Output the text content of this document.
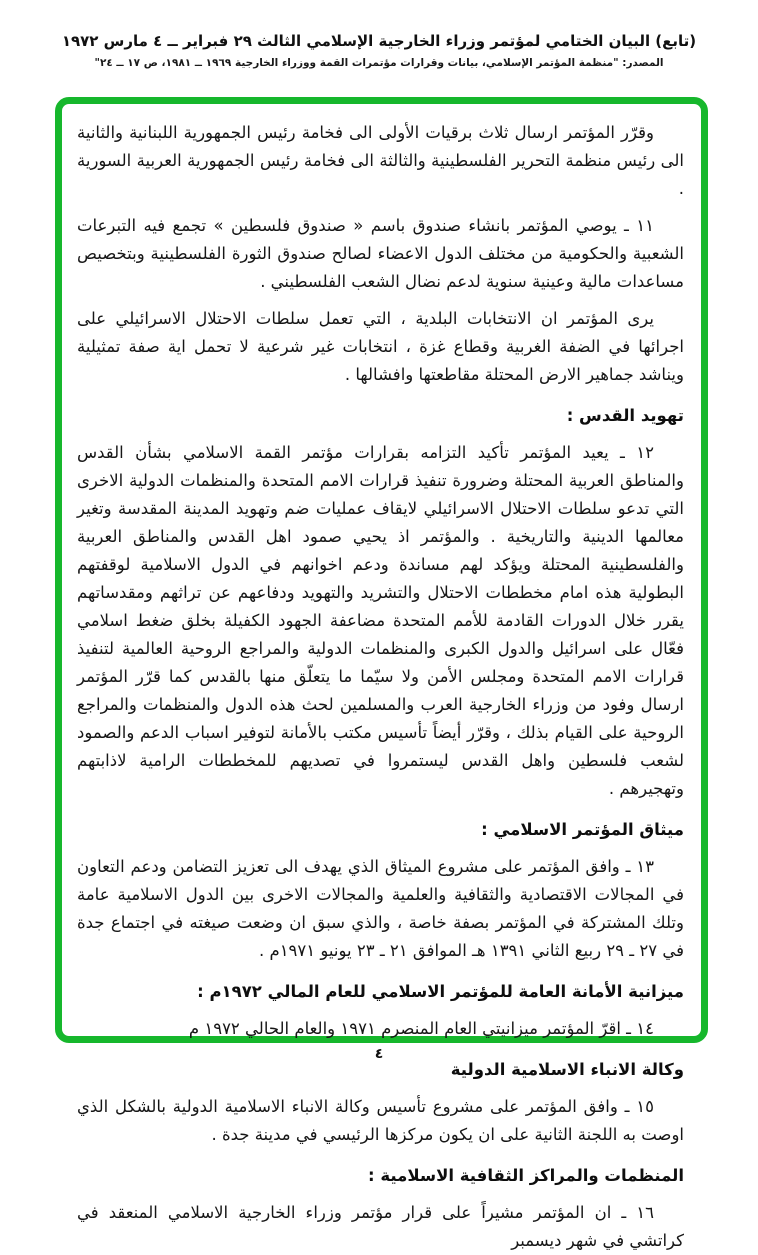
(تابع) البيان الختامي لمؤتمر وزراء الخارجية الإسلامي الثالث ٢٩ فبراير ــ ٤ مارس ١٩٧٢
المصدر: "منظمة المؤتمر الإسلامي، بيانات وقرارات مؤتمرات القمة ووزراء الخارجية ١٩٦٩ ــ ١٩٨١، ص ١٧ ــ ٢٤"
وقرّر المؤتمر ارسال ثلاث برقيات الأولى الى فخامة رئيس الجمهورية اللبنانية والثانية الى رئيس منظمة التحرير الفلسطينية والثالثة الى فخامة رئيس الجمهورية العربية السورية .
١١ ـ يوصي المؤتمر بانشاء صندوق باسم « صندوق فلسطين » تجمع فيه التبرعات الشعبية والحكومية من مختلف الدول الاعضاء لصالح صندوق الثورة الفلسطينية وبتخصيص مساعدات مالية وعينية سنوية لدعم نضال الشعب الفلسطيني .
يرى المؤتمر ان الانتخابات البلدية ، التي تعمل سلطات الاحتلال الاسرائيلي على اجرائها في الضفة الغربية وقطاع غزة ، انتخابات غير شرعية لا تحمل اية صفة تمثيلية ويناشد جماهير الارض المحتلة مقاطعتها وافشالها .
تهويد القدس :
١٢ ـ يعيد المؤتمر تأكيد التزامه بقرارات مؤتمر القمة الاسلامي بشأن القدس والمناطق العربية المحتلة وضرورة تنفيذ قرارات الامم المتحدة والمنظمات الدولية الاخرى التي تدعو سلطات الاحتلال الاسرائيلي لايقاف عمليات ضم وتهويد المدينة المقدسة وتغير معالمها الدينية والتاريخية . والمؤتمر اذ يحيي صمود اهل القدس والمناطق العربية والفلسطينية المحتلة ويؤكد لهم مساندة ودعم اخوانهم في الدول الاسلامية لوقفتهم البطولية هذه امام مخططات الاحتلال والتشريد والتهويد ودفاعهم عن تراثهم ومقدساتهم يقرر خلال الدورات القادمة للأمم المتحدة مضاعفة الجهود الكفيلة بخلق ضغط اسلامي فعّال على اسرائيل والدول الكبرى والمنظمات الدولية والمراجع الروحية العالمية لتنفيذ قرارات الامم المتحدة ومجلس الأمن ولا سيّما ما يتعلّق منها بالقدس كما قرّر المؤتمر ارسال وفود من وزراء الخارجية العرب والمسلمين لحث هذه الدول والمنظمات والمراجع الروحية على القيام بذلك ، وقرّر أيضاً تأسيس مكتب بالأمانة لتوفير اسباب الدعم والصمود لشعب فلسطين واهل القدس ليستمروا في تصديهم للمخططات الرامية لاذابتهم وتهجيرهم .
ميثاق المؤتمر الاسلامي :
١٣ ـ وافق المؤتمر على مشروع الميثاق الذي يهدف الى تعزيز التضامن ودعم التعاون في المجالات الاقتصادية والثقافية والعلمية والمجالات الاخرى بين الدول الاسلامية عامة وتلك المشتركة في المؤتمر بصفة خاصة ، والذي سبق ان وضعت صيغته في اجتماع جدة في ٢٧ ـ ٢٩ ربيع الثاني ١٣٩١ هـ الموافق ٢١ ـ ٢٣ يونيو ١٩٧١م .
ميزانية الأمانة العامة للمؤتمر الاسلامي للعام المالي ١٩٧٢م :
١٤ ـ اقرّ المؤتمر ميزانيتي العام المنصرم ١٩٧١ والعام الحالي ١٩٧٢ م
وكالة الانباء الاسلامية الدولية
١٥ ـ وافق المؤتمر على مشروع تأسيس وكالة الانباء الاسلامية الدولية بالشكل الذي اوصت به اللجنة الثانية على ان يكون مركزها الرئيسي في مدينة جدة .
المنظمات والمراكز الثقافية الاسلامية :
١٦ ـ ان المؤتمر مشيراً على قرار مؤتمر وزراء الخارجية الاسلامي المنعقد في كراتشي في شهر ديسمبر
٤
